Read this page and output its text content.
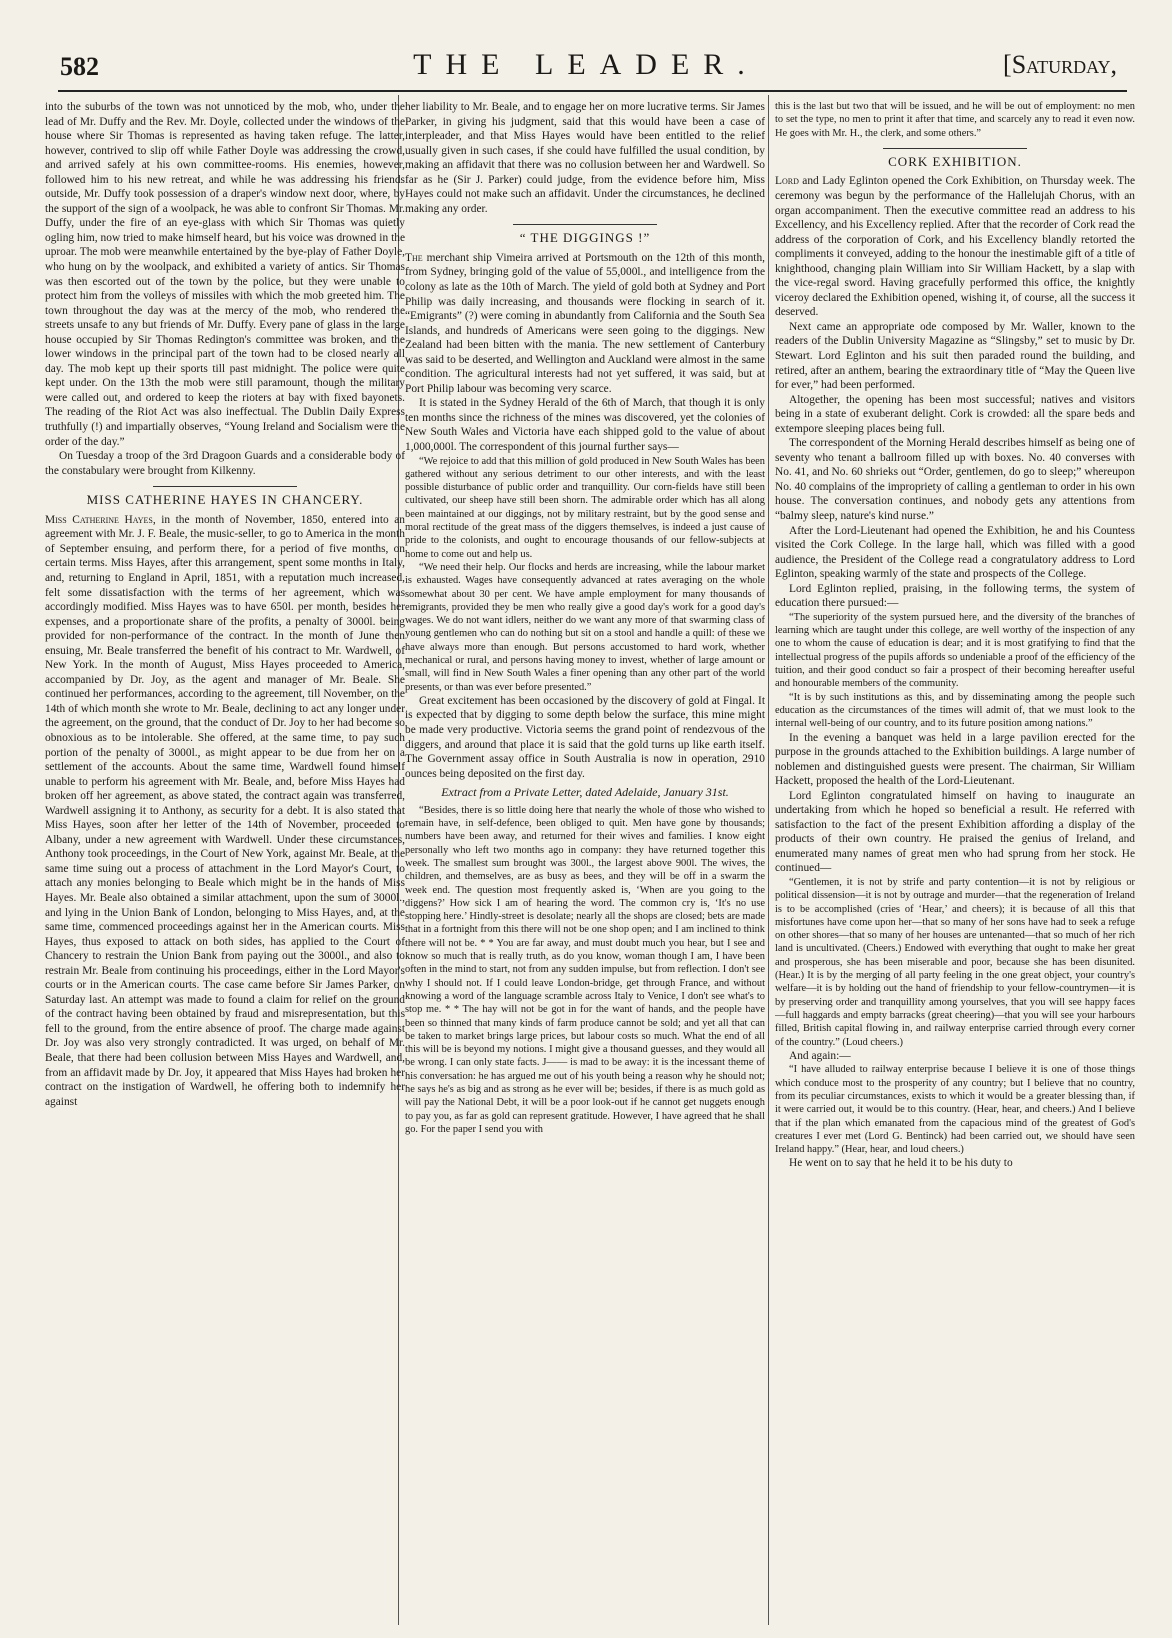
582	THE LEADER.	[Saturday,

into the suburbs of the town was not unnoticed by the mob, who, under the lead of Mr. Duffy and the Rev. Mr. Doyle, collected under the windows of the house where Sir Thomas is represented as having taken refuge. The latter, however, contrived to slip off while Father Doyle was addressing the crowd, and arrived safely at his own committee-rooms. His enemies, however, followed him to his new retreat, and while he was addressing his friends outside, Mr. Duffy took possession of a draper's window next door, where, by the support of the sign of a woolpack, he was able to confront Sir Thomas. Mr. Duffy, under the fire of an eye-glass with which Sir Thomas was quietly ogling him, now tried to make himself heard, but his voice was drowned in the uproar. The mob were meanwhile entertained by the bye-play of Father Doyle, who hung on by the woolpack, and exhibited a variety of antics. Sir Thomas was then escorted out of the town by the police, but they were unable to protect him from the volleys of missiles with which the mob greeted him. The town throughout the day was at the mercy of the mob, who rendered the streets unsafe to any but friends of Mr. Duffy. Every pane of glass in the large house occupied by Sir Thomas Redington's committee was broken, and the lower windows in the principal part of the town had to be closed nearly all day. The mob kept up their sports till past midnight. The police were quite kept under. On the 13th the mob were still paramount, though the military were called out, and ordered to keep the rioters at bay with fixed bayonets. The reading of the Riot Act was also ineffectual. The Dublin Daily Express truthfully (!) and impartially observes, “Young Ireland and Socialism were the order of the day.”

On Tuesday a troop of the 3rd Dragoon Guards and a considerable body of the constabulary were brought from Kilkenny.

MISS CATHERINE HAYES IN CHANCERY.

Miss Catherine Hayes, in the month of November, 1850, entered into an agreement with Mr. J. F. Beale, the music-seller, to go to America in the month of September ensuing, and perform there, for a period of five months, on certain terms. Miss Hayes, after this arrangement, spent some months in Italy, and, returning to England in April, 1851, with a reputation much increased, felt some dissatisfaction with the terms of her agreement, which was accordingly modified. Miss Hayes was to have 650l. per month, besides her expenses, and a proportionate share of the profits, a penalty of 3000l. being provided for non-performance of the contract. In the month of June then ensuing, Mr. Beale transferred the benefit of his contract to Mr. Wardwell, of New York. In the month of August, Miss Hayes proceeded to America, accompanied by Dr. Joy, as the agent and manager of Mr. Beale. She continued her performances, according to the agreement, till November, on the 14th of which month she wrote to Mr. Beale, declining to act any longer under the agreement, on the ground, that the conduct of Dr. Joy to her had become so obnoxious as to be intolerable. She offered, at the same time, to pay such portion of the penalty of 3000l., as might appear to be due from her on a settlement of the accounts. About the same time, Wardwell found himself unable to perform his agreement with Mr. Beale, and, before Miss Hayes had broken off her agreement, as above stated, the contract again was transferred, Wardwell assigning it to Anthony, as security for a debt. It is also stated that Miss Hayes, soon after her letter of the 14th of November, proceeded to Albany, under a new agreement with Wardwell. Under these circumstances, Anthony took proceedings, in the Court of New York, against Mr. Beale, at the same time suing out a process of attachment in the Lord Mayor's Court, to attach any monies belonging to Beale which might be in the hands of Miss Hayes. Mr. Beale also obtained a similar attachment, upon the sum of 3000l., and lying in the Union Bank of London, belonging to Miss Hayes, and, at the same time, commenced proceedings against her in the American courts. Miss Hayes, thus exposed to attack on both sides, has applied to the Court of Chancery to restrain the Union Bank from paying out the 3000l., and also to restrain Mr. Beale from continuing his proceedings, either in the Lord Mayor's courts or in the American courts. The case came before Sir James Parker, on Saturday last. An attempt was made to found a claim for relief on the ground of the contract having been obtained by fraud and misrepresentation, but this fell to the ground, from the entire absence of proof. The charge made against Dr. Joy was also very strongly contradicted. It was urged, on behalf of Mr. Beale, that there had been collusion between Miss Hayes and Wardwell, and, from an affidavit made by Dr. Joy, it appeared that Miss Hayes had broken her contract on the instigation of Wardwell, he offering both to indemnify her against

her liability to Mr. Beale, and to engage her on more lucrative terms. Sir James Parker, in giving his judgment, said that this would have been a case of interpleader, and that Miss Hayes would have been entitled to the relief usually given in such cases, if she could have fulfilled the usual condition, by making an affidavit that there was no collusion between her and Wardwell. So far as he (Sir J. Parker) could judge, from the evidence before him, Miss Hayes could not make such an affidavit. Under the circumstances, he declined making any order.

“ THE DIGGINGS !”

The merchant ship Vimeira arrived at Portsmouth on the 12th of this month, from Sydney, bringing gold of the value of 55,000l., and intelligence from the colony as late as the 10th of March. The yield of gold both at Sydney and Port Philip was daily increasing, and thousands were flocking in search of it. “Emigrants” (?) were coming in abundantly from California and the South Sea Islands, and hundreds of Americans were seen going to the diggings. New Zealand had been bitten with the mania. The new settlement of Canterbury was said to be deserted, and Wellington and Auckland were almost in the same condition. The agricultural interests had not yet suffered, it was said, but at Port Philip labour was becoming very scarce.

It is stated in the Sydney Herald of the 6th of March, that though it is only ten months since the richness of the mines was discovered, yet the colonies of New South Wales and Victoria have each shipped gold to the value of about 1,000,000l. The correspondent of this journal further says—

“We rejoice to add that this million of gold produced in New South Wales has been gathered without any serious detriment to our other interests, and with the least possible disturbance of public order and tranquillity. Our corn-fields have still been cultivated, our sheep have still been shorn. The admirable order which has all along been maintained at our diggings, not by military restraint, but by the good sense and moral rectitude of the great mass of the diggers themselves, is indeed a just cause of pride to the colonists, and ought to encourage thousands of our fellow-subjects at home to come out and help us.

“We need their help. Our flocks and herds are increasing, while the labour market is exhausted. Wages have consequently advanced at rates averaging on the whole somewhat about 30 per cent. We have ample employment for many thousands of emigrants, provided they be men who really give a good day's work for a good day's wages. We do not want idlers, neither do we want any more of that swarming class of young gentlemen who can do nothing but sit on a stool and handle a quill: of these we have always more than enough. But persons accustomed to hard work, whether mechanical or rural, and persons having money to invest, whether of large amount or small, will find in New South Wales a finer opening than any other part of the world presents, or than was ever before presented.”

Great excitement has been occasioned by the discovery of gold at Fingal. It is expected that by digging to some depth below the surface, this mine might be made very productive. Victoria seems the grand point of rendezvous of the diggers, and around that place it is said that the gold turns up like earth itself. The Government assay office in South Australia is now in operation, 2910 ounces being deposited on the first day.

Extract from a Private Letter, dated Adelaide, January 31st.

“Besides, there is so little doing here that nearly the whole of those who wished to remain have, in self-defence, been obliged to quit. Men have gone by thousands; numbers have been away, and returned for their wives and families. I know eight personally who left two months ago in company: they have returned together this week. The smallest sum brought was 300l., the largest above 900l. The wives, the children, and themselves, are as busy as bees, and they will be off in a swarm the week end. The question most frequently asked is, ‘When are you going to the diggens?’ How sick I am of hearing the word. The common cry is, ‘It's no use stopping here.’ Hindly-street is desolate; nearly all the shops are closed; bets are made that in a fortnight from this there will not be one shop open; and I am inclined to think there will not be. * * You are far away, and must doubt much you hear, but I see and know so much that is really truth, as do you know, woman though I am, I have been often in the mind to start, not from any sudden impulse, but from reflection. I don't see why I should not. If I could leave London-bridge, get through France, and without knowing a word of the language scramble across Italy to Venice, I don't see what's to stop me. * * The hay will not be got in for the want of hands, and the people have been so thinned that many kinds of farm produce cannot be sold; and yet all that can be taken to market brings large prices, but labour costs so much. What the end of all this will be is beyond my notions. I might give a thousand guesses, and they would all be wrong. I can only state facts. J—— is mad to be away: it is the incessant theme of his conversation: he has argued me out of his youth being a reason why he should not; he says he's as big and as strong as he ever will be; besides, if there is as much gold as will pay the National Debt, it will be a poor look-out if he cannot get nuggets enough to pay you, as far as gold can represent gratitude. However, I have agreed that he shall go. For the paper I send you with

this is the last but two that will be issued, and he will be out of employment: no men to set the type, no men to print it after that time, and scarcely any to read it even now. He goes with Mr. H., the clerk, and some others.”

CORK EXHIBITION.

Lord and Lady Eglinton opened the Cork Exhibition, on Thursday week. The ceremony was begun by the performance of the Hallelujah Chorus, with an organ accompaniment. Then the executive committee read an address to his Excellency, and his Excellency replied. After that the recorder of Cork read the address of the corporation of Cork, and his Excellency blandly retorted the compliments it conveyed, adding to the honour the inestimable gift of a title of knighthood, changing plain William into Sir William Hackett, by a slap with the vice-regal sword. Having gracefully performed this office, the knightly viceroy declared the Exhibition opened, wishing it, of course, all the success it deserved.

Next came an appropriate ode composed by Mr. Waller, known to the readers of the Dublin University Magazine as “Slingsby,” set to music by Dr. Stewart. Lord Eglinton and his suit then paraded round the building, and retired, after an anthem, bearing the extraordinary title of “May the Queen live for ever,” had been performed.

Altogether, the opening has been most successful; natives and visitors being in a state of exuberant delight. Cork is crowded: all the spare beds and extempore sleeping places being full.

The correspondent of the Morning Herald describes himself as being one of seventy who tenant a ballroom filled up with boxes. No. 40 converses with No. 41, and No. 60 shrieks out “Order, gentlemen, do go to sleep;” whereupon No. 40 complains of the impropriety of calling a gentleman to order in his own house. The conversation continues, and nobody gets any attentions from “balmy sleep, nature's kind nurse.”

After the Lord-Lieutenant had opened the Exhibition, he and his Countess visited the Cork College. In the large hall, which was filled with a good audience, the President of the College read a congratulatory address to Lord Eglinton, speaking warmly of the state and prospects of the College.

Lord Eglinton replied, praising, in the following terms, the system of education there pursued:—

“The superiority of the system pursued here, and the diversity of the branches of learning which are taught under this college, are well worthy of the inspection of any one to whom the cause of education is dear; and it is most gratifying to find that the intellectual progress of the pupils affords so undeniable a proof of the efficiency of the tuition, and their good conduct so fair a prospect of their becoming hereafter useful and honourable members of the community.

“It is by such institutions as this, and by disseminating among the people such education as the circumstances of the times will admit of, that we must look to the internal well-being of our country, and to its future position among nations.”

In the evening a banquet was held in a large pavilion erected for the purpose in the grounds attached to the Exhibition buildings. A large number of noblemen and distinguished guests were present. The chairman, Sir William Hackett, proposed the health of the Lord-Lieutenant.

Lord Eglinton congratulated himself on having to inaugurate an undertaking from which he hoped so beneficial a result. He referred with satisfaction to the fact of the present Exhibition affording a display of the products of their own country. He praised the genius of Ireland, and enumerated many names of great men who had sprung from her stock. He continued—

“Gentlemen, it is not by strife and party contention—it is not by religious or political dissension—it is not by outrage and murder—that the regeneration of Ireland is to be accomplished (cries of ‘Hear,’ and cheers); it is because of all this that misfortunes have come upon her—that so many of her sons have had to seek a refuge on other shores—that so many of her houses are untenanted—that so much of her rich land is uncultivated. (Cheers.) Endowed with everything that ought to make her great and prosperous, she has been miserable and poor, because she has been disunited. (Hear.) It is by the merging of all party feeling in the one great object, your country's welfare—it is by holding out the hand of friendship to your fellow-countrymen—it is by preserving order and tranquillity among yourselves, that you will see happy faces—full haggards and empty barracks (great cheering)—that you will see your harbours filled, British capital flowing in, and railway enterprise carried through every corner of the country.” (Loud cheers.)

And again:—

“I have alluded to railway enterprise because I believe it is one of those things which conduce most to the prosperity of any country; but I believe that no country, from its peculiar circumstances, exists to which it would be a greater blessing than, if it were carried out, it would be to this country. (Hear, hear, and cheers.) And I believe that if the plan which emanated from the capacious mind of the greatest of God's creatures I ever met (Lord G. Bentinck) had been carried out, we should have seen Ireland happy.” (Hear, hear, and loud cheers.)

He went on to say that he held it to be his duty to
